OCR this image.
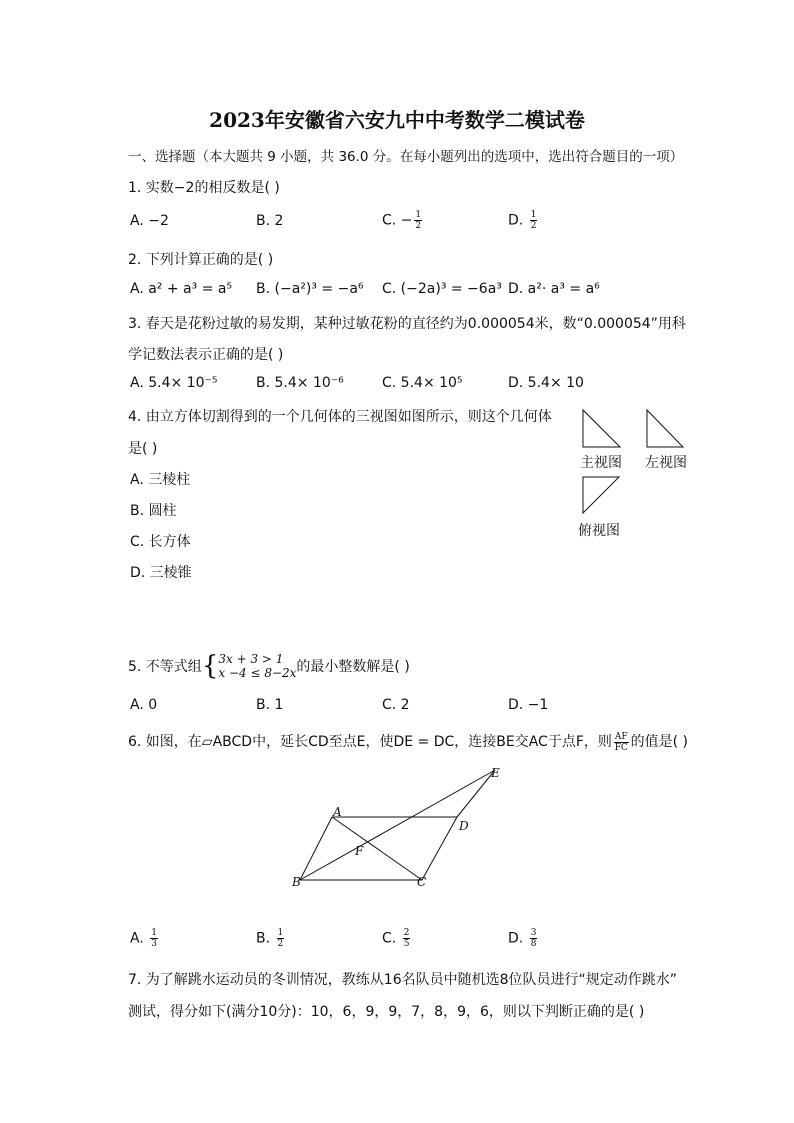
2023年安徽省六安九中中考数学二模试卷
一、选择题（本大题共 9 小题，共 36.0 分。在每小题列出的选项中，选出符合题目的一项）
1. 实数−2的相反数是( )
A. −2	B. 2	C. − $\frac{1}{2}$	D. $\frac{1}{2}$
2. 下列计算正确的是( )
A. a² + a³ = a⁵ B. (−a²)³ = −a⁶ C. (−2a)³ = −6a³ D. a²· a³ = a⁶
3. 春天是花粉过敏的易发期，某种过敏花粉的直径约为0.000054米，数“0.000054”用科
学记数法表示正确的是( )
A. 5.4× 10⁻⁵	B. 5.4× 10⁻⁶	C. 5.4× 10⁵	D. 5.4× 10
4. 由立方体切割得到的一个几何体的三视图如图所示，则这个几何体
是( )
A. 三棱柱
B. 圆柱
C. 长方体
D. 三棱锥
主视图 左视图
俯视图
5. 不等式组{ 3x + 3 > 1
x −4 ≤ 8−2x 的最小整数解是( )
A. 0	B. 1	C. 2	D. −1
6. 如图，在▱ABCD中，延长CD至点E，使DE = DC，连接BE交AC于点F，则 $\frac{AF}{FC}$ 的值是( )
A
B	C
D
E
F
A. $\frac{1}{3}$	B. $\frac{1}{2}$	C. $\frac{2}{5}$	D. $\frac{3}{8}$
7. 为了解跳水运动员的冬训情况，教练从16名队员中随机选8位队员进行“规定动作跳水”
测试，得分如下(满分10分)：10，6，9，9，7，8，9，6，则以下判断正确的是( )
